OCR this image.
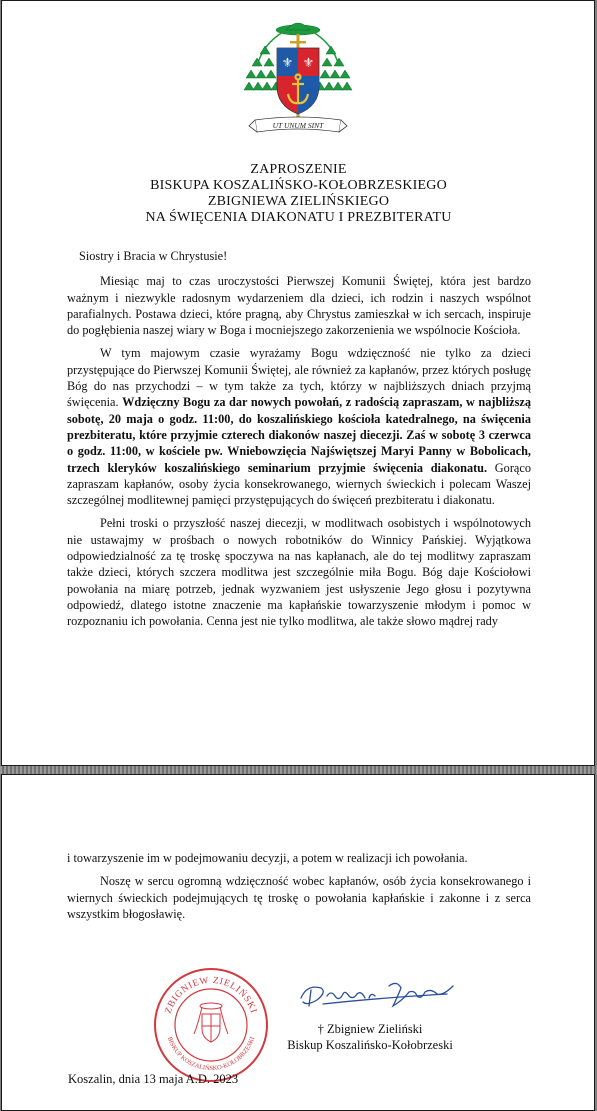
⚜ ⚜
UT UNUM SINT
ZAPROSZENIE
BISKUPA KOSZALIŃSKO-KOŁOBRZESKIEGO
ZBIGNIEWA ZIELIŃSKIEGO
NA ŚWIĘCENIA DIAKONATU I PREZBITERATU

Siostry i Bracia w Chrystusie!

Miesiąc maj to czas uroczystości Pierwszej Komunii Świętej, która jest bardzo ważnym i niezwykle radosnym wydarzeniem dla dzieci, ich rodzin i naszych wspólnot parafialnych. Postawa dzieci, które pragną, aby Chrystus zamieszkał w ich sercach, inspiruje do pogłębienia naszej wiary w Boga i mocniejszego zakorzenienia we wspólnocie Kościoła.

W tym majowym czasie wyrażamy Bogu wdzięczność nie tylko za dzieci przystępujące do Pierwszej Komunii Świętej, ale również za kapłanów, przez których posługę Bóg do nas przychodzi – w tym także za tych, którzy w najbliższych dniach przyjmą święcenia. Wdzięczny Bogu za dar nowych powołań, z radością zapraszam, w najbliższą sobotę, 20 maja o godz. 11:00, do koszalińskiego kościoła katedralnego, na święcenia prezbiteratu, które przyjmie czterech diakonów naszej diecezji. Zaś w sobotę 3 czerwca o godz. 11:00, w kościele pw. Wniebowzięcia Najświętszej Maryi Panny w Bobolicach, trzech kleryków koszalińskiego seminarium przyjmie święcenia diakonatu. Gorąco zapraszam kapłanów, osoby życia konsekrowanego, wiernych świeckich i polecam Waszej szczególnej modlitewnej pamięci przystępujących do święceń prezbiteratu i diakonatu.

Pełni troski o przyszłość naszej diecezji, w modlitwach osobistych i wspólnotowych nie ustawajmy w prośbach o nowych robotników do Winnicy Pańskiej. Wyjątkowa odpowiedzialność za tę troskę spoczywa na nas kapłanach, ale do tej modlitwy zapraszam także dzieci, których szczera modlitwa jest szczególnie miła Bogu. Bóg daje Kościołowi powołania na miarę potrzeb, jednak wyzwaniem jest usłyszenie Jego głosu i pozytywna odpowiedź, dlatego istotne znaczenie ma kapłańskie towarzyszenie młodym i pomoc w rozpoznaniu ich powołania. Cenna jest nie tylko modlitwa, ale także słowo mądrej rady

i towarzyszenie im w podejmowaniu decyzji, a potem w realizacji ich powołania.

Noszę w sercu ogromną wdzięczność wobec kapłanów, osób życia konsekrowanego i wiernych świeckich podejmujących tę troskę o powołania kapłańskie i zakonne i z serca wszystkim błogosławię.

ZBIGNIEW ZIELIŃSKI
BISKUP KOSZALIŃSKO-KOŁOBRZESKI
† Zbigniew Zieliński
Biskup Koszalińsko-Kołobrzeski
Koszalin, dnia 13 maja A.D. 2023
